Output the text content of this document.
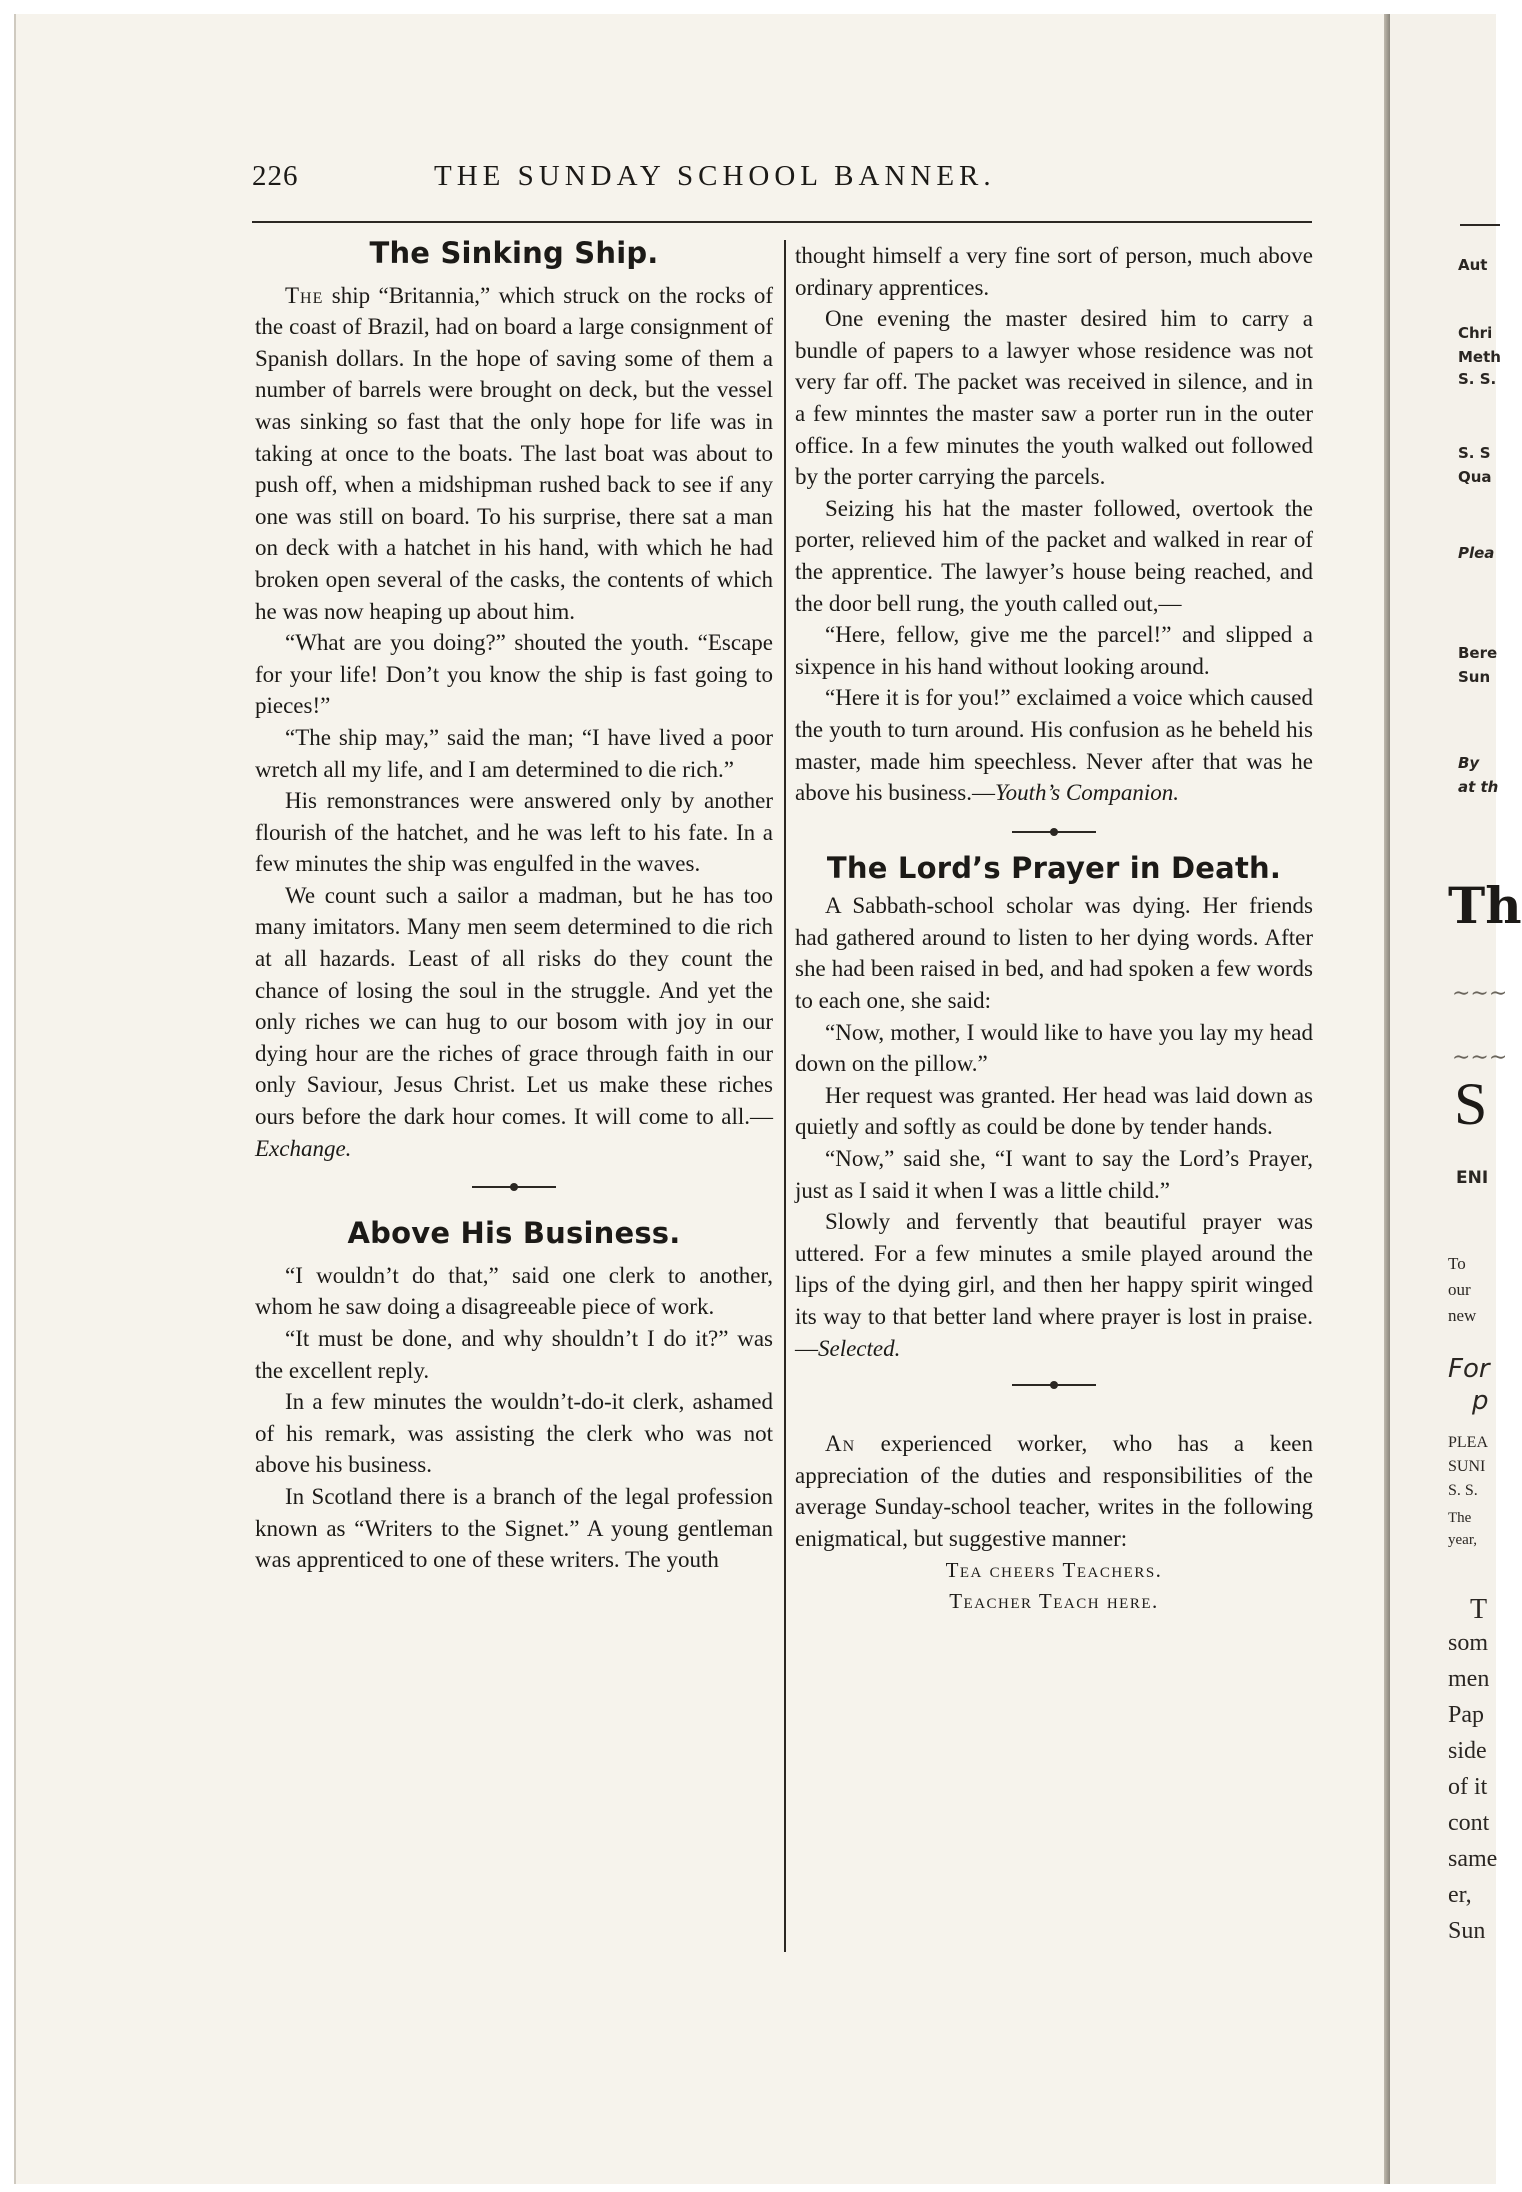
226	THE SUNDAY SCHOOL BANNER.
The Sinking Ship.

The ship “Britannia,” which struck on the rocks of the coast of Brazil, had on board a large consignment of Spanish dollars. In the hope of saving some of them a number of barrels were brought on deck, but the vessel was sinking so fast that the only hope for life was in taking at once to the boats. The last boat was about to push off, when a midshipman rushed back to see if any one was still on board. To his surprise, there sat a man on deck with a hatchet in his hand, with which he had broken open several of the casks, the contents of which he was now heaping up about him.

“What are you doing?” shouted the youth. “Escape for your life! Don’t you know the ship is fast going to pieces!”

“The ship may,” said the man; “I have lived a poor wretch all my life, and I am determined to die rich.”

His remonstrances were answered only by another flourish of the hatchet, and he was left to his fate. In a few minutes the ship was engulfed in the waves.

We count such a sailor a madman, but he has too many imitators. Many men seem determined to die rich at all hazards. Least of all risks do they count the chance of losing the soul in the struggle. And yet the only riches we can hug to our bosom with joy in our dying hour are the riches of grace through faith in our only Saviour, Jesus Christ. Let us make these riches ours before the dark hour comes. It will come to all.—Exchange.

Above His Business.

“I wouldn’t do that,” said one clerk to another, whom he saw doing a disagreeable piece of work.

“It must be done, and why shouldn’t I do it?” was the excellent reply.

In a few minutes the wouldn’t-do-it clerk, ashamed of his remark, was assisting the clerk who was not above his business.

In Scotland there is a branch of the legal profession known as “Writers to the Signet.” A young gentleman was apprenticed to one of these writers. The youth

thought himself a very fine sort of person, much above ordinary apprentices.

One evening the master desired him to carry a bundle of papers to a lawyer whose residence was not very far off. The packet was received in silence, and in a few minntes the master saw a porter run in the outer office. In a few minutes the youth walked out followed by the porter carrying the parcels.

Seizing his hat the master followed, overtook the porter, relieved him of the packet and walked in rear of the apprentice. The lawyer’s house being reached, and the door bell rung, the youth called out,—

“Here, fellow, give me the parcel!” and slipped a sixpence in his hand without looking around.

“Here it is for you!” exclaimed a voice which caused the youth to turn around. His confusion as he beheld his master, made him speechless. Never after that was he above his business.—Youth’s Companion.

The Lord’s Prayer in Death.

A Sabbath-school scholar was dying. Her friends had gathered around to listen to her dying words. After she had been raised in bed, and had spoken a few words to each one, she said:

“Now, mother, I would like to have you lay my head down on the pillow.”

Her request was granted. Her head was laid down as quietly and softly as could be done by tender hands.

“Now,” said she, “I want to say the Lord’s Prayer, just as I said it when I was a little child.”

Slowly and fervently that beautiful prayer was uttered. For a few minutes a smile played around the lips of the dying girl, and then her happy spirit winged its way to that better land where prayer is lost in praise.—Selected.

An experienced worker, who has a keen appreciation of the duties and responsibilities of the average Sunday-school teacher, writes in the following enigmatical, but suggestive manner:

Tea cheers Teachers.

Teacher Teach here.

Aut
Chri
Meth
S. S.
S. S
Qua
Plea
Bere
Sun
By
at th
Th
∼∼∼
∼∼∼
S
ENI
To
our
new
For
p
PLEA
SUNI
S. S.
The
year,
T
som
men
Pap
side
of it
cont
same
er,
Sun
